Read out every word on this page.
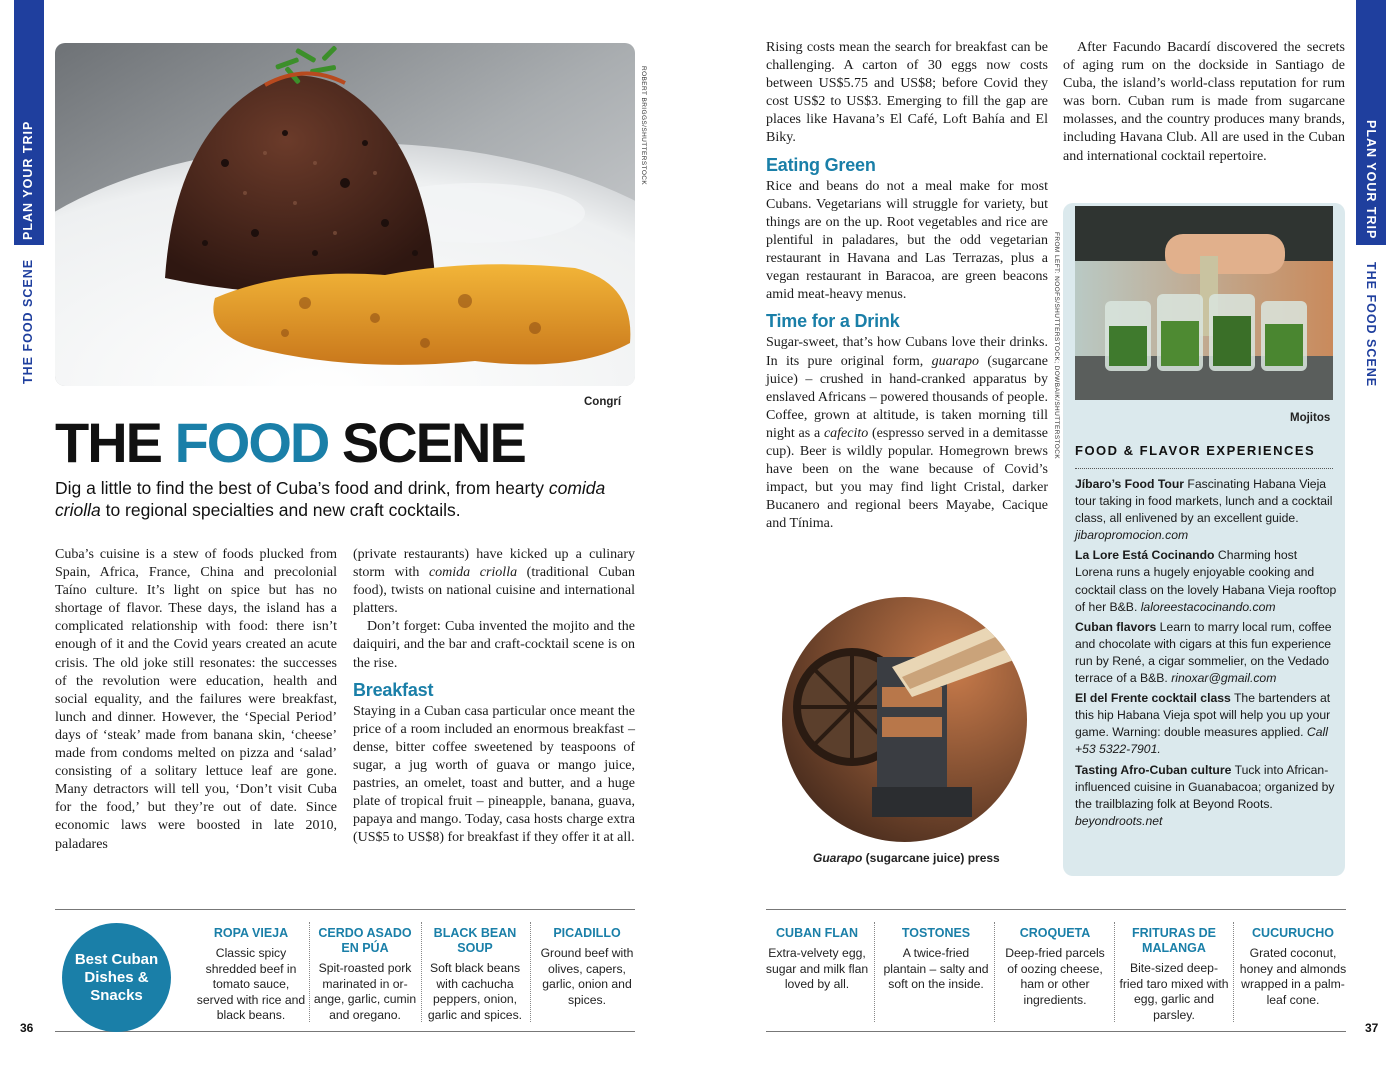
PLAN YOUR TRIP
THE FOOD SCENE
ROBERT BRIGGS/SHUTTERSTOCK
Congrí
THE FOOD SCENE
Dig a little to find the best of Cuba’s food and drink, from hearty comida criolla to regional specialties and new craft cocktails.

Cuba’s cuisine is a stew of foods plucked from Spain, Africa, France, China and precolonial Taíno culture. It’s light on spice but has no shortage of flavor. These days, the island has a complicated relationship with food: there isn’t enough of it and the Covid years created an acute crisis. The old joke still resonates: the successes of the revolution were education, health and social equality, and the failures were breakfast, lunch and dinner. However, the ‘Special Period’ days of ‘steak’ made from banana skin, ‘cheese’ made from condoms melted on pizza and ‘salad’ consisting of a solitary lettuce leaf are gone. Many detractors will tell you, ‘Don’t visit Cuba for the food,’ but they’re out of date. Since economic laws were boosted in late 2010, paladares

(private restaurants) have kicked up a culinary storm with comida criolla (traditional Cuban food), twists on national cuisine and international platters.

Don’t forget: Cuba invented the mojito and the daiquiri, and the bar and craft-cocktail scene is on the rise.

Breakfast

Staying in a Cuban casa particular once meant the price of a room included an enormous breakfast – dense, bitter coffee sweetened by teaspoons of sugar, a jug worth of guava or mango juice, pastries, an omelet, toast and butter, and a huge plate of tropical fruit – pineapple, banana, guava, papaya and mango. Today, casa hosts charge extra (US$5 to US$8) for breakfast if they offer it at all.

Best Cuban Dishes & Snacks
ROPA VIEJA
Classic spicy shredded beef in tomato sauce, served with rice and black beans.
CERDO ASADO EN PÚA
Spit-roasted pork marinated in orange, garlic, cumin and oregano.
BLACK BEAN SOUP
Soft black beans with cachucha peppers, onion, garlic and spices.
PICADILLO
Ground beef with olives, capers, garlic, onion and spices.
36

Rising costs mean the search for breakfast can be challenging. A carton of 30 eggs now costs between US$5.75 and US$8; before Covid they cost US$2 to US$3. Emerging to fill the gap are places like Havana’s El Café, Loft Bahía and El Biky.

Eating Green

Rice and beans do not a meal make for most Cubans. Vegetarians will struggle for variety, but things are on the up. Root vegetables and rice are plentiful in paladares, but the odd vegetarian restaurant in Havana and Las Terrazas, plus a vegan restaurant in Baracoa, are green beacons amid meat-heavy menus.

Time for a Drink

Sugar-sweet, that’s how Cubans love their drinks. In its pure original form, guarapo (sugarcane juice) – crushed in hand-cranked apparatus by enslaved Africans – powered thousands of people. Coffee, grown at altitude, is taken morning till night as a cafecito (espresso served in a demitasse cup). Beer is wildly popular. Homegrown brews have been on the wane because of Covid’s impact, but you may find light Cristal, darker Bucanero and regional beers Mayabe, Cacique and Tínima.

FROM LEFT: NOOFS/SHUTTERSTOCK; DOWBAIK/SHUTTERSTOCK

After Facundo Bacardí discovered the secrets of aging rum on the dockside in Santiago de Cuba, the island’s world-class reputation for rum was born. Cuban rum is made from sugarcane molasses, and the country produces many brands, including Havana Club. All are used in the Cuban and international cocktail repertoire.

Mojitos
FOOD & FLAVOR EXPERIENCES
Jíbaro’s Food Tour Fascinating Habana Vieja tour taking in food markets, lunch and a cocktail class, all enlivened by an excellent guide. jibaropromocion.com
La Lore Está Cocinando Charming host Lorena runs a hugely enjoyable cooking and cocktail class on the lovely Habana Vieja rooftop of her B&B. laloreestacocinando.com
Cuban flavors Learn to marry local rum, coffee and chocolate with cigars at this fun experience run by René, a cigar sommelier, on the Vedado terrace of a B&B. rinoxar@gmail.com
El del Frente cocktail class The bartenders at this hip Habana Vieja spot will help you up your game. Warning: double measures applied. Call +53 5322-7901.
Tasting Afro-Cuban culture Tuck into African-influenced cuisine in Guanabacoa; organized by the trailblazing folk at Beyond Roots. beyondroots.net
Guarapo (sugarcane juice) press
CUBAN FLAN
Extra-velvety egg, sugar and milk flan loved by all.
TOSTONES
A twice-fried plantain – salty and soft on the inside.
CROQUETA
Deep-fried parcels of oozing cheese, ham or other ingredients.
FRITURAS DE MALANGA
Bite-sized deep-fried taro mixed with egg, garlic and parsley.
CUCURUCHO
Grated coconut, honey and almonds wrapped in a palm-leaf cone.
PLAN YOUR TRIP
THE FOOD SCENE
37
